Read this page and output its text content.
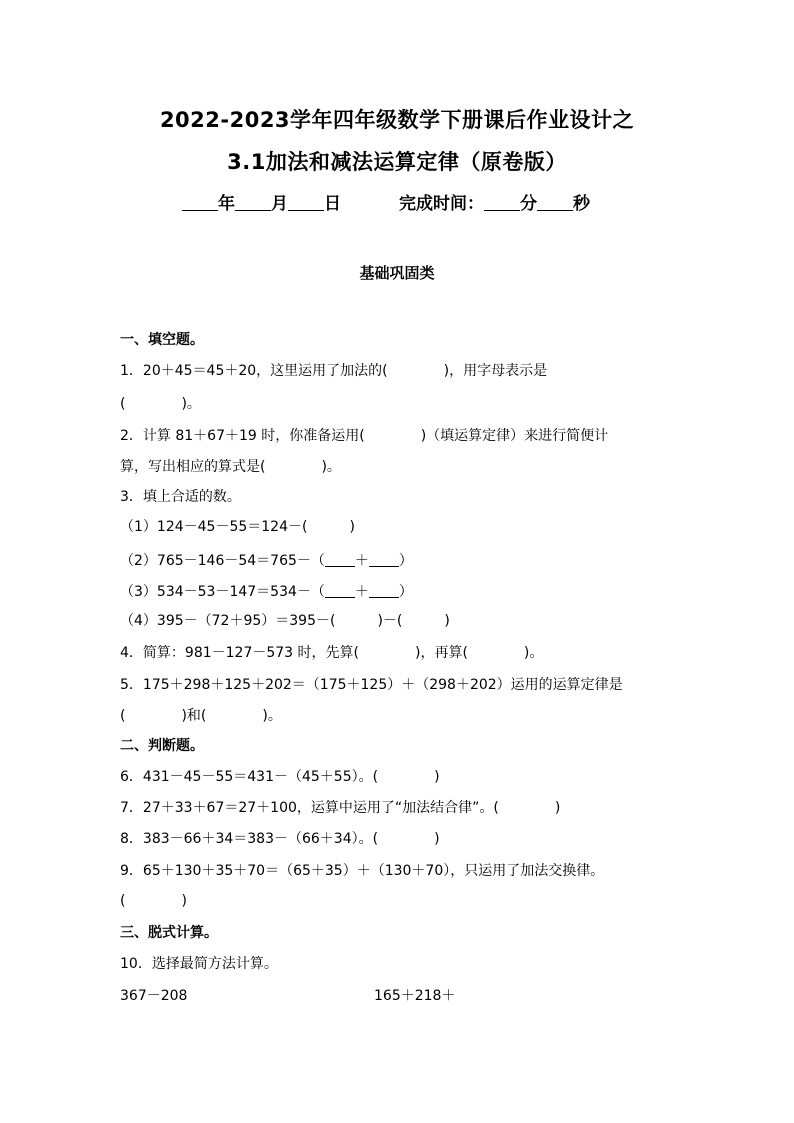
2022-2023学年四年级数学下册课后作业设计之
3.1加法和减法运算定律（原卷版）
年 月 日	完成时间： 分 秒
基础巩固类
一、填空题。
1．20＋45＝45＋20，这里运用了加法的(　　　　)，用字母表示是
(　　　　)。
2．计算 81＋67＋19 时，你准备运用(　　　　)（填运算定律）来进行简便计
算，写出相应的算式是(　　　　)。
3．填上合适的数。
（1）124－45－55＝124－(　　　)
（2）765－146－54＝765－（ ＋ ）
（3）534－53－147＝534－（ ＋ ）
（4）395－（72＋95）＝395－(　　　)－(　　　)
4．简算：981－127－573 时，先算(　　　　)，再算(　　　　)。
5．175＋298＋125＋202＝（175＋125）＋（298＋202）运用的运算定律是
(　　　　)和(　　　　)。
二、判断题。
6．431－45－55＝431－（45＋55）。(　　　　)
7．27＋33＋67＝27＋100，运算中运用了“加法结合律”。(　　　　)
8．383－66＋34＝383－（66＋34）。(　　　　)
9．65＋130＋35＋70＝（65＋35）＋（130＋70），只运用了加法交换律。
(　　　　)
三、脱式计算。
10．选择最简方法计算。
367－208	165＋218＋
